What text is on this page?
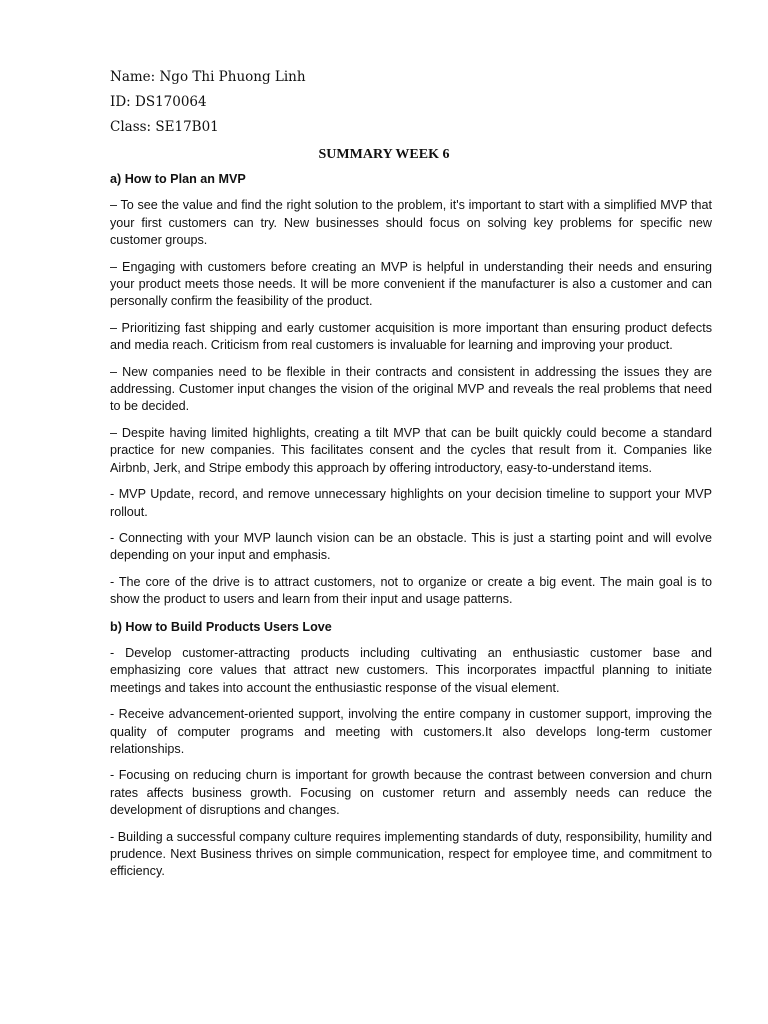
Name: Ngo Thi Phuong Linh
ID: DS170064
Class: SE17B01
SUMMARY WEEK 6
a) How to Plan an MVP

– To see the value and find the right solution to the problem, it's important to start with a simplified MVP that your first customers can try. New businesses should focus on solving key problems for specific new customer groups.

– Engaging with customers before creating an MVP is helpful in understanding their needs and ensuring your product meets those needs. It will be more convenient if the manufacturer is also a customer and can personally confirm the feasibility of the product.

– Prioritizing fast shipping and early customer acquisition is more important than ensuring product defects and media reach. Criticism from real customers is invaluable for learning and improving your product.

– New companies need to be flexible in their contracts and consistent in addressing the issues they are addressing. Customer input changes the vision of the original MVP and reveals the real problems that need to be decided.

– Despite having limited highlights, creating a tilt MVP that can be built quickly could become a standard practice for new companies. This facilitates consent and the cycles that result from it. Companies like Airbnb, Jerk, and Stripe embody this approach by offering introductory, easy-to-understand items.

- MVP Update, record, and remove unnecessary highlights on your decision timeline to support your MVP rollout.

- Connecting with your MVP launch vision can be an obstacle. This is just a starting point and will evolve depending on your input and emphasis.

- The core of the drive is to attract customers, not to organize or create a big event. The main goal is to show the product to users and learn from their input and usage patterns.

b) How to Build Products Users Love

- Develop customer-attracting products including cultivating an enthusiastic customer base and emphasizing core values that attract new customers. This incorporates impactful planning to initiate meetings and takes into account the enthusiastic response of the visual element.

- Receive advancement-oriented support, involving the entire company in customer support, improving the quality of computer programs and meeting with customers.It also develops long-term customer relationships.

- Focusing on reducing churn is important for growth because the contrast between conversion and churn rates affects business growth. Focusing on customer return and assembly needs can reduce the development of disruptions and changes.

- Building a successful company culture requires implementing standards of duty, responsibility, humility and prudence. Next Business thrives on simple communication, respect for employee time, and commitment to efficiency.
